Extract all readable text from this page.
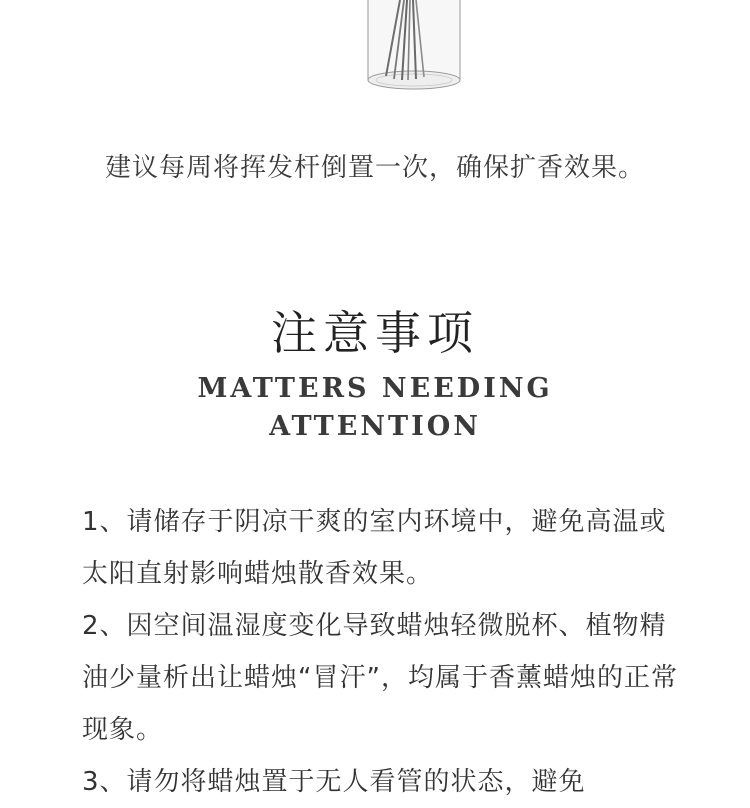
建议每周将挥发杆倒置一次，确保扩香效果。
注意事项
MATTERS NEEDING
ATTENTION

1、请储存于阴凉干爽的室内环境中，避免高温或太阳直射影响蜡烛散香效果。

2、因空间温湿度变化导致蜡烛轻微脱杯、植物精油少量析出让蜡烛“冒汗”，均属于香薰蜡烛的正常现象。

3、请勿将蜡烛置于无人看管的状态，避免
